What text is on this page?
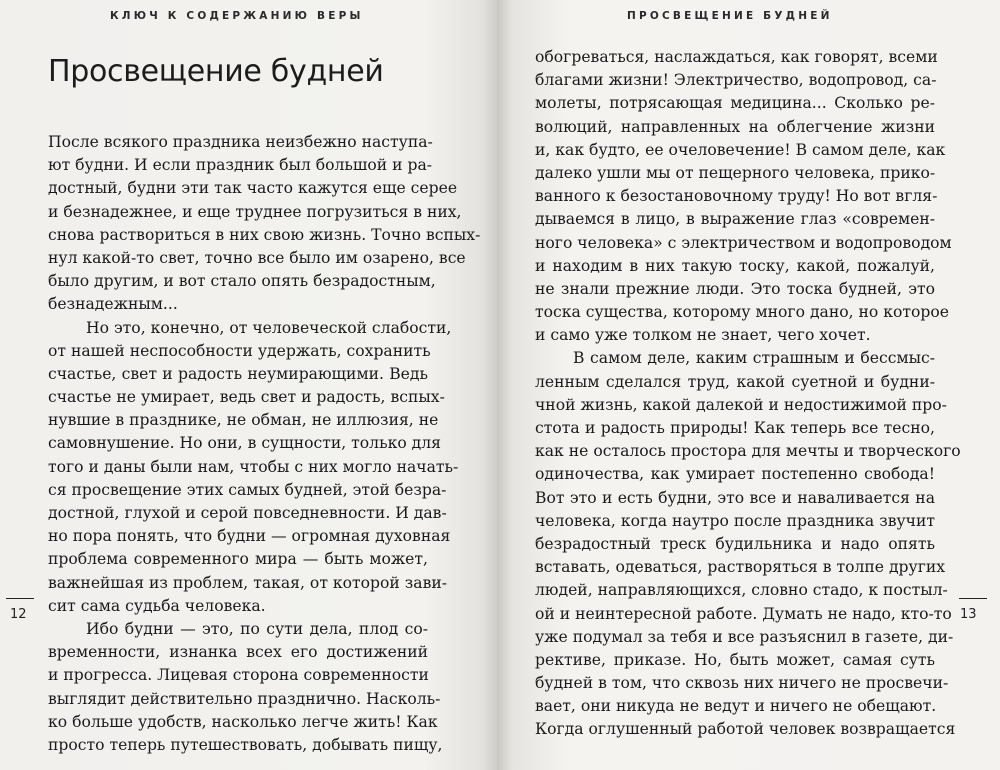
КЛЮЧ К СОДЕРЖАНИЮ ВЕРЫ
Просвещение будней
После всякого праздника неизбежно наступа-
ют будни. И если праздник был большой и ра-
достный, будни эти так часто кажутся еще серее
и безнадежнее, и еще труднее погрузиться в них,
снова раствориться в них свою жизнь. Точно вспых-
нул какой-то свет, точно все было им озарено, все
было другим, и вот стало опять безрадостным,
безнадежным...
Но это, конечно, от человеческой слабости,
от нашей неспособности удержать, сохранить
счастье, свет и радость неумирающими. Ведь
счастье не умирает, ведь свет и радость, вспых-
нувшие в празднике, не обман, не иллюзия, не
самовнушение. Но они, в сущности, только для
того и даны были нам, чтобы с них могло начать-
ся просвещение этих самых будней, этой безра-
достной, глухой и серой повседневности. И дав-
но пора понять, что будни — огромная духовная
проблема современного мира — быть может,
важнейшая из проблем, такая, от которой зави-
сит сама судьба человека.
Ибо будни — это, по сути дела, плод со-
временности, изнанка всех его достижений
и прогресса. Лицевая сторона современности
выглядит действительно празднично. Насколь-
ко больше удобств, насколько легче жить! Как
просто теперь путешествовать, добывать пищу,
12
ПРОСВЕЩЕНИЕ БУДНЕЙ
обогреваться, наслаждаться, как говорят, всеми
благами жизни! Электричество, водопровод, са-
молеты, потрясающая медицина... Сколько ре-
волюций, направленных на облегчение жизни
и, как будто, ее очеловечение! В самом деле, как
далеко ушли мы от пещерного человека, прико-
ванного к безостановочному труду! Но вот вгля-
дываемся в лицо, в выражение глаз «современ-
ного человека» с электричеством и водопроводом
и находим в них такую тоску, какой, пожалуй,
не знали прежние люди. Это тоска будней, это
тоска существа, которому много дано, но которое
и само уже толком не знает, чего хочет.
В самом деле, каким страшным и бессмыс-
ленным сделался труд, какой суетной и будни-
чной жизнь, какой далекой и недостижимой про-
стота и радость природы! Как теперь все тесно,
как не осталось простора для мечты и творческого
одиночества, как умирает постепенно свобода!
Вот это и есть будни, это все и наваливается на
человека, когда наутро после праздника звучит
безрадостный треск будильника и надо опять
вставать, одеваться, растворяться в толпе других
людей, направляющихся, словно стадо, к постыл-
ой и неинтересной работе. Думать не надо, кто-то
уже подумал за тебя и все разъяснил в газете, ди-
рективе, приказе. Но, быть может, самая суть
будней в том, что сквозь них ничего не просвечи-
вает, они никуда не ведут и ничего не обещают.
Когда оглушенный работой человек возвращается
13
